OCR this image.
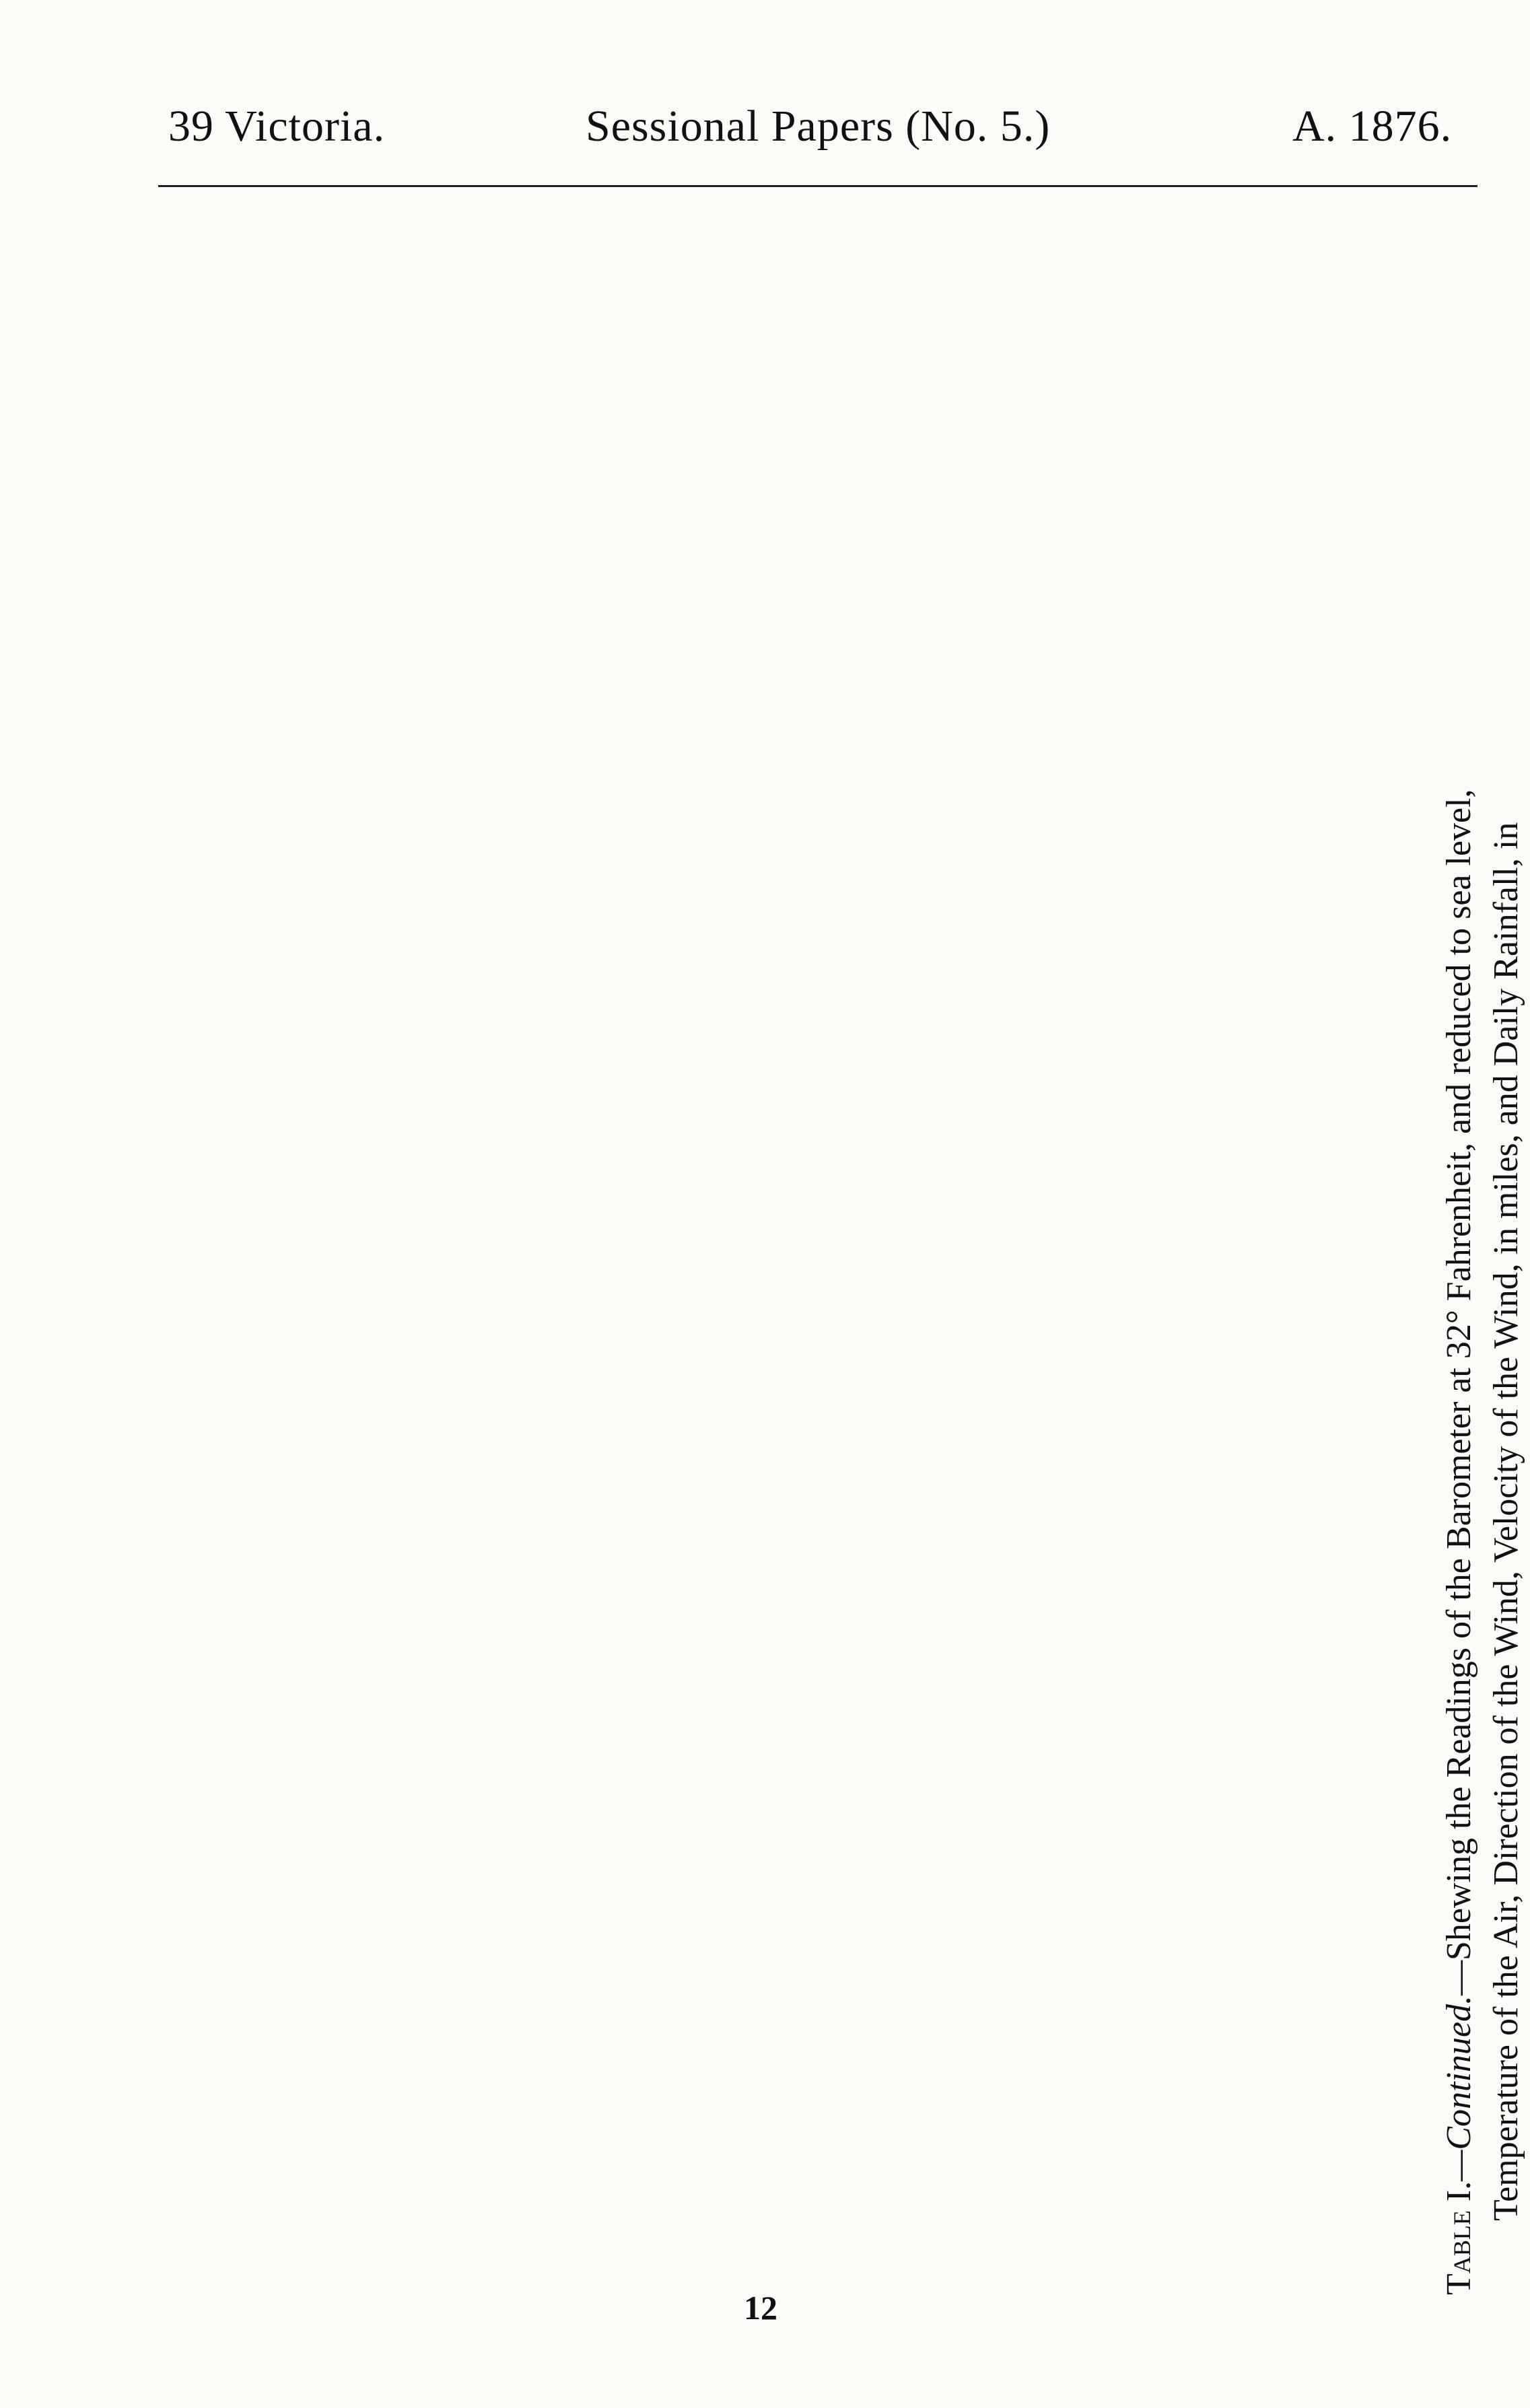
39 Victoria.	Sessional Papers (No. 5.)	A. 1876.

Table I.—Continued.—Shewing the Readings of the Barometer at 32° Fahrenheit, and reduced to sea level, Temperature of the Air, Direction of the Wind, Velocity of the Wind, in miles, and Daily Rainfall, in

12
